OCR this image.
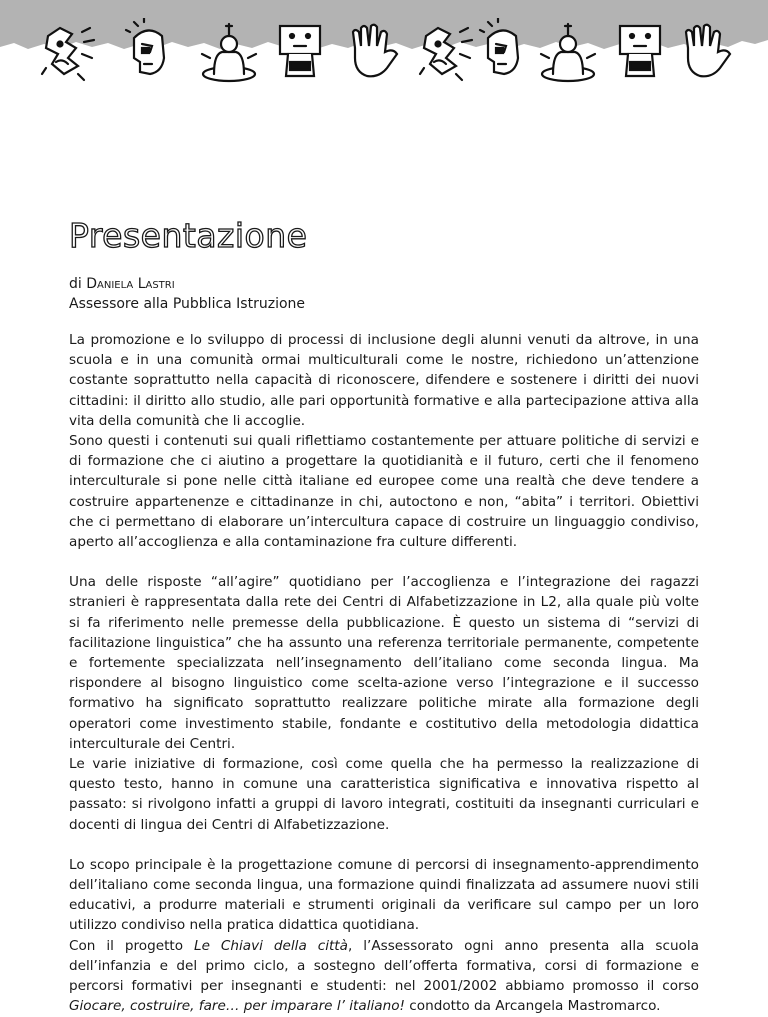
Presentazione
di Daniela Lastri
Assessore alla Pubblica Istruzione

La promozione e lo sviluppo di processi di inclusione degli alunni venuti da altrove, in una scuola e in una comunità ormai multiculturali come le nostre, richiedono un’attenzione costante soprattutto nella capacità di riconoscere, difendere e sostenere i diritti dei nuovi cittadini: il diritto allo studio, alle pari opportunità formative e alla partecipazione attiva alla vita della comunità che li accoglie.

Sono questi i contenuti sui quali riflettiamo costantemente per attuare politiche di servizi e di formazione che ci aiutino a progettare la quotidianità e il futuro, certi che il fenomeno interculturale si pone nelle città italiane ed europee come una realtà che deve tendere a costruire appartenenze e cittadinanze in chi, autoctono e non, “abita” i territori. Obiettivi che ci permettano di elaborare un’intercultura capace di costruire un linguaggio condiviso, aperto all’accoglienza e alla contaminazione fra culture differenti.

Una delle risposte “all’agire” quotidiano per l’accoglienza e l’integrazione dei ragazzi stranieri è rappresentata dalla rete dei Centri di Alfabetizzazione in L2, alla quale più volte si fa riferimento nelle premesse della pubblicazione. È questo un sistema di “servizi di facilitazione linguistica” che ha assunto una referenza territoriale permanente, competente e fortemente specializzata nell’insegnamento dell’italiano come seconda lingua. Ma rispondere al bisogno linguistico come scelta-azione verso l’integrazione e il successo formativo ha significato soprattutto realizzare politiche mirate alla formazione degli operatori come investimento stabile, fondante e costitutivo della metodologia didattica interculturale dei Centri.

Le varie iniziative di formazione, così come quella che ha permesso la realizzazione di questo testo, hanno in comune una caratteristica significativa e innovativa rispetto al passato: si rivolgono infatti a gruppi di lavoro integrati, costituiti da insegnanti curriculari e docenti di lingua dei Centri di Alfabetizzazione.

Lo scopo principale è la progettazione comune di percorsi di insegnamento-apprendimento dell’italiano come seconda lingua, una formazione quindi finalizzata ad assumere nuovi stili educativi, a produrre materiali e strumenti originali da verificare sul campo per un loro utilizzo condiviso nella pratica didattica quotidiana.

Con il progetto Le Chiavi della città, l’Assessorato ogni anno presenta alla scuola dell’infanzia e del primo ciclo, a sostegno dell’offerta formativa, corsi di formazione e percorsi formativi per insegnanti e studenti: nel 2001/2002 abbiamo promosso il corso Giocare, costruire, fare… per imparare l’ italiano! condotto da Arcangela Mastromarco.
